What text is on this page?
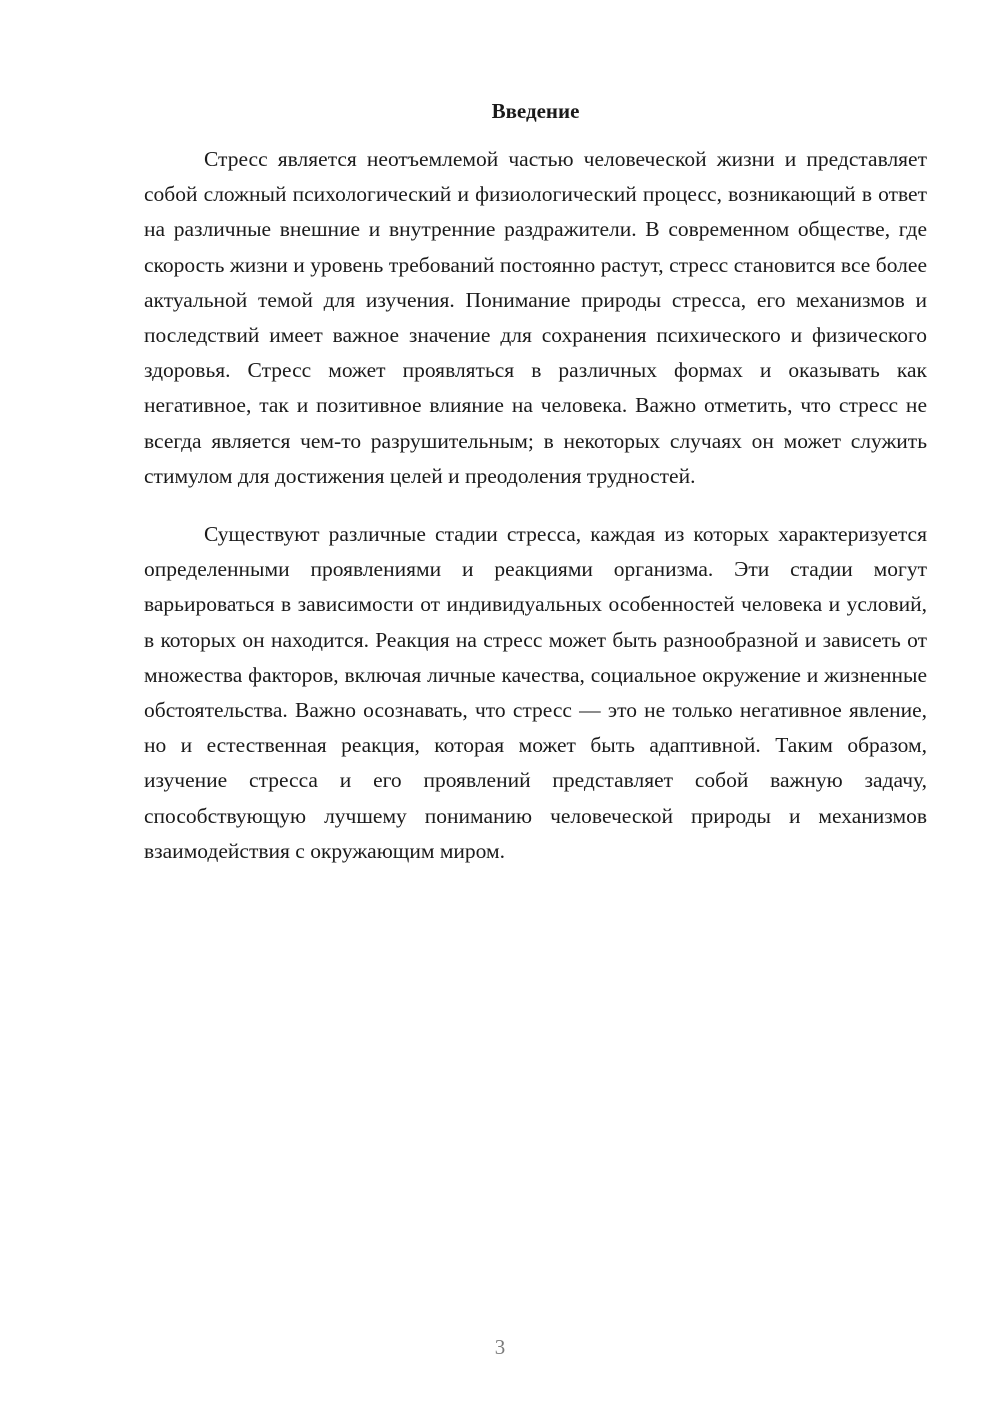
Введение

Стресс является неотъемлемой частью человеческой жизни и представляет собой сложный психологический и физиологический процесс, возникающий в ответ на различные внешние и внутренние раздражители. В современном обществе, где скорость жизни и уровень требований постоянно растут, стресс становится все более актуальной темой для изучения. Понимание природы стресса, его механизмов и последствий имеет важное значение для сохранения психического и физического здоровья. Стресс может проявляться в различных формах и оказывать как негативное, так и позитивное влияние на человека. Важно отметить, что стресс не всегда является чем-то разрушительным; в некоторых случаях он может служить стимулом для достижения целей и преодоления трудностей.

Существуют различные стадии стресса, каждая из которых характеризуется определенными проявлениями и реакциями организма. Эти стадии могут варьироваться в зависимости от индивидуальных особенностей человека и условий, в которых он находится. Реакция на стресс может быть разнообразной и зависеть от множества факторов, включая личные качества, социальное окружение и жизненные обстоятельства. Важно осознавать, что стресс — это не только негативное явление, но и естественная реакция, которая может быть адаптивной. Таким образом, изучение стресса и его проявлений представляет собой важную задачу, способствующую лучшему пониманию человеческой природы и механизмов взаимодействия с окружающим миром.

3
